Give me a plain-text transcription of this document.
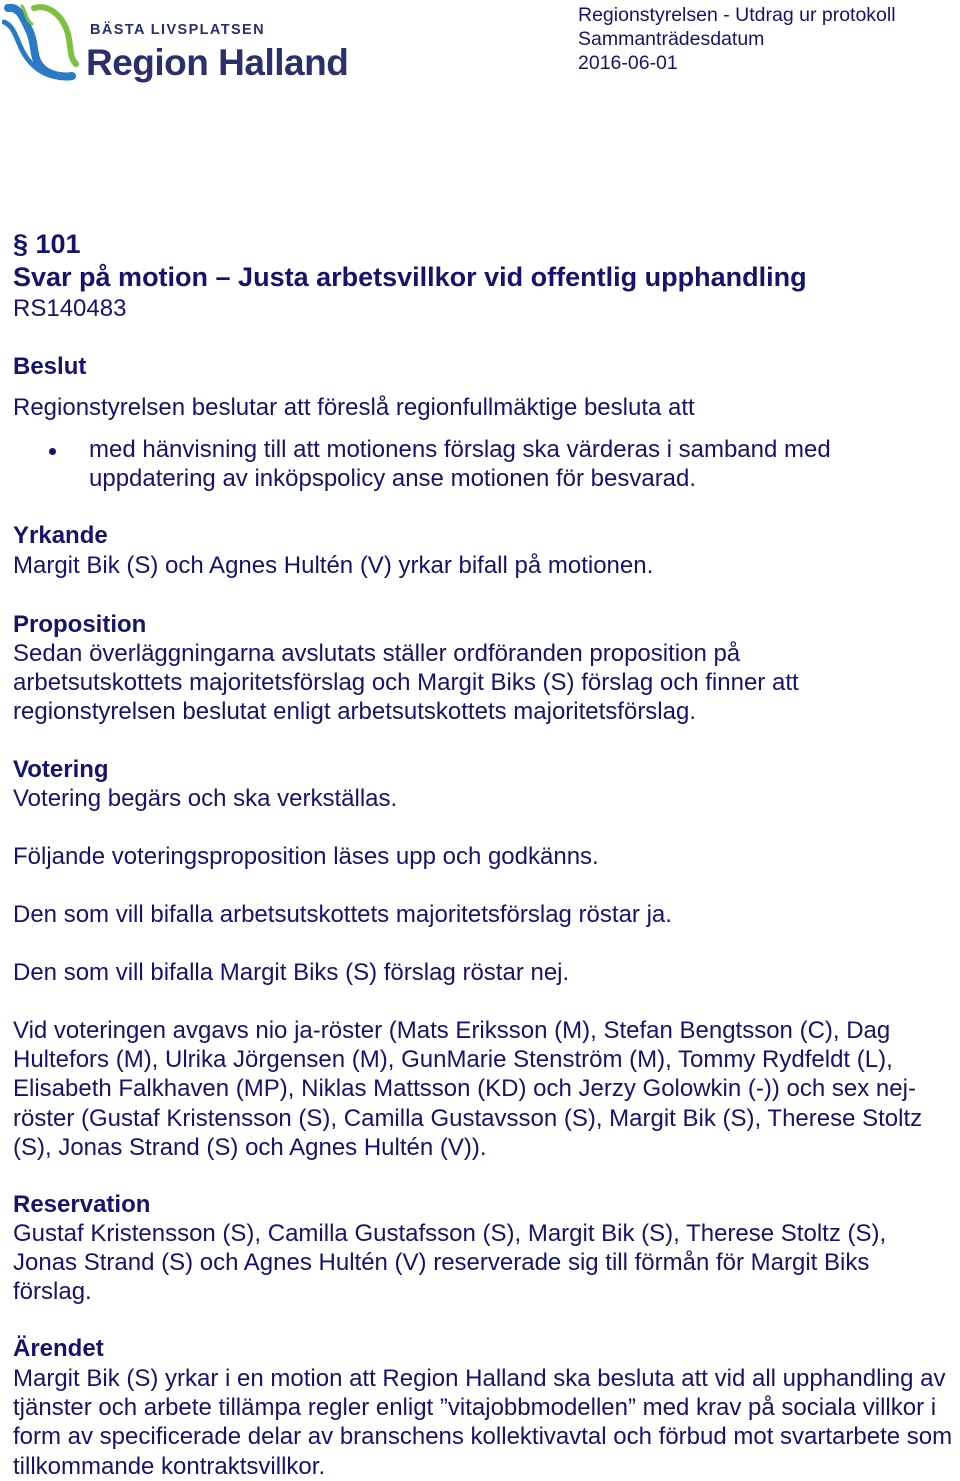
BÄSTA LIVSPLATSEN
Region Halland
Regionstyrelsen - Utdrag ur protokoll
Sammanträdesdatum
2016-06-01
§ 101
Svar på motion – Justa arbetsvillkor vid offentlig upphandling
RS140483
Beslut
Regionstyrelsen beslutar att föreslå regionfullmäktige besluta att
med hänvisning till att motionens förslag ska värderas i samband med uppdatering av inköpspolicy anse motionen för besvarad.
Yrkande
Margit Bik (S) och Agnes Hultén (V) yrkar bifall på motionen.
Proposition
Sedan överläggningarna avslutats ställer ordföranden proposition på arbetsutskottets majoritetsförslag och Margit Biks (S) förslag och finner att regionstyrelsen beslutat enligt arbetsutskottets majoritetsförslag.
Votering
Votering begärs och ska verkställas.
Följande voteringsproposition läses upp och godkänns.
Den som vill bifalla arbetsutskottets majoritetsförslag röstar ja.
Den som vill bifalla Margit Biks (S) förslag röstar nej.
Vid voteringen avgavs nio ja-röster (Mats Eriksson (M), Stefan Bengtsson (C), Dag Hultefors (M), Ulrika Jörgensen (M), GunMarie Stenström (M), Tommy Rydfeldt (L), Elisabeth Falkhaven (MP), Niklas Mattsson (KD) och Jerzy Golowkin (-)) och sex nej-röster (Gustaf Kristensson (S), Camilla Gustavsson (S), Margit Bik (S), Therese Stoltz (S), Jonas Strand (S) och Agnes Hultén (V)).
Reservation
Gustaf Kristensson (S), Camilla Gustafsson (S), Margit Bik (S), Therese Stoltz (S), Jonas Strand (S) och Agnes Hultén (V) reserverade sig till förmån för Margit Biks förslag.
Ärendet
Margit Bik (S) yrkar i en motion att Region Halland ska besluta att vid all upphandling av tjänster och arbete tillämpa regler enligt ”vitajobbmodellen” med krav på sociala villkor i form av specificerade delar av branschens kollektivavtal och förbud mot svartarbete som tillkommande kontraktsvillkor.
